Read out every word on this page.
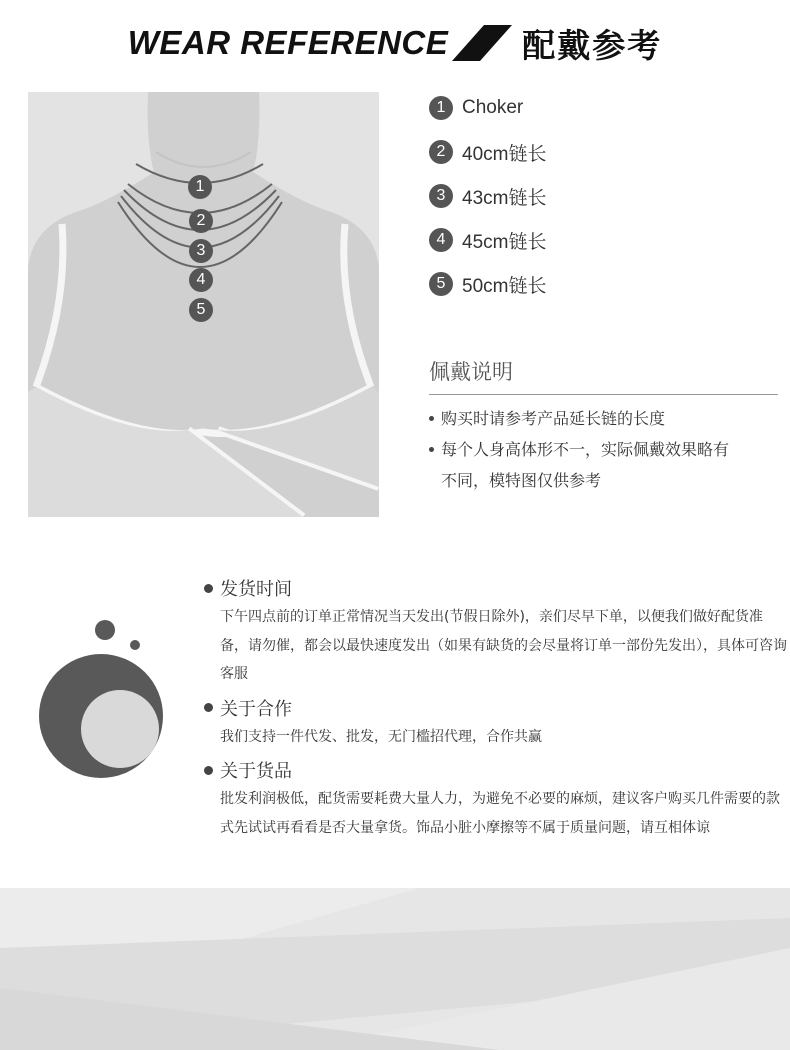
WEAR REFERENCE 配戴参考
1
2
3
4
5
1 Choker
2 40cm链长
3 43cm链长
4 45cm链长
5 50cm链长
佩戴说明
购买时请参考产品延长链的长度
每个人身高体形不一，实际佩戴效果略有不同，模特图仅供参考
发货时间
下午四点前的订单正常情况当天发出(节假日除外)，亲们尽早下单，以便我们做好配货准备，请勿催，都会以最快速度发出（如果有缺货的会尽量将订单一部份先发出），具体可咨询客服
关于合作
我们支持一件代发、批发，无门槛招代理，合作共赢
关于货品
批发利润极低，配货需要耗费大量人力，为避免不必要的麻烦，建议客户购买几件需要的款式先试试再看看是否大量拿货。饰品小脏小摩擦等不属于质量问题，请互相体谅
